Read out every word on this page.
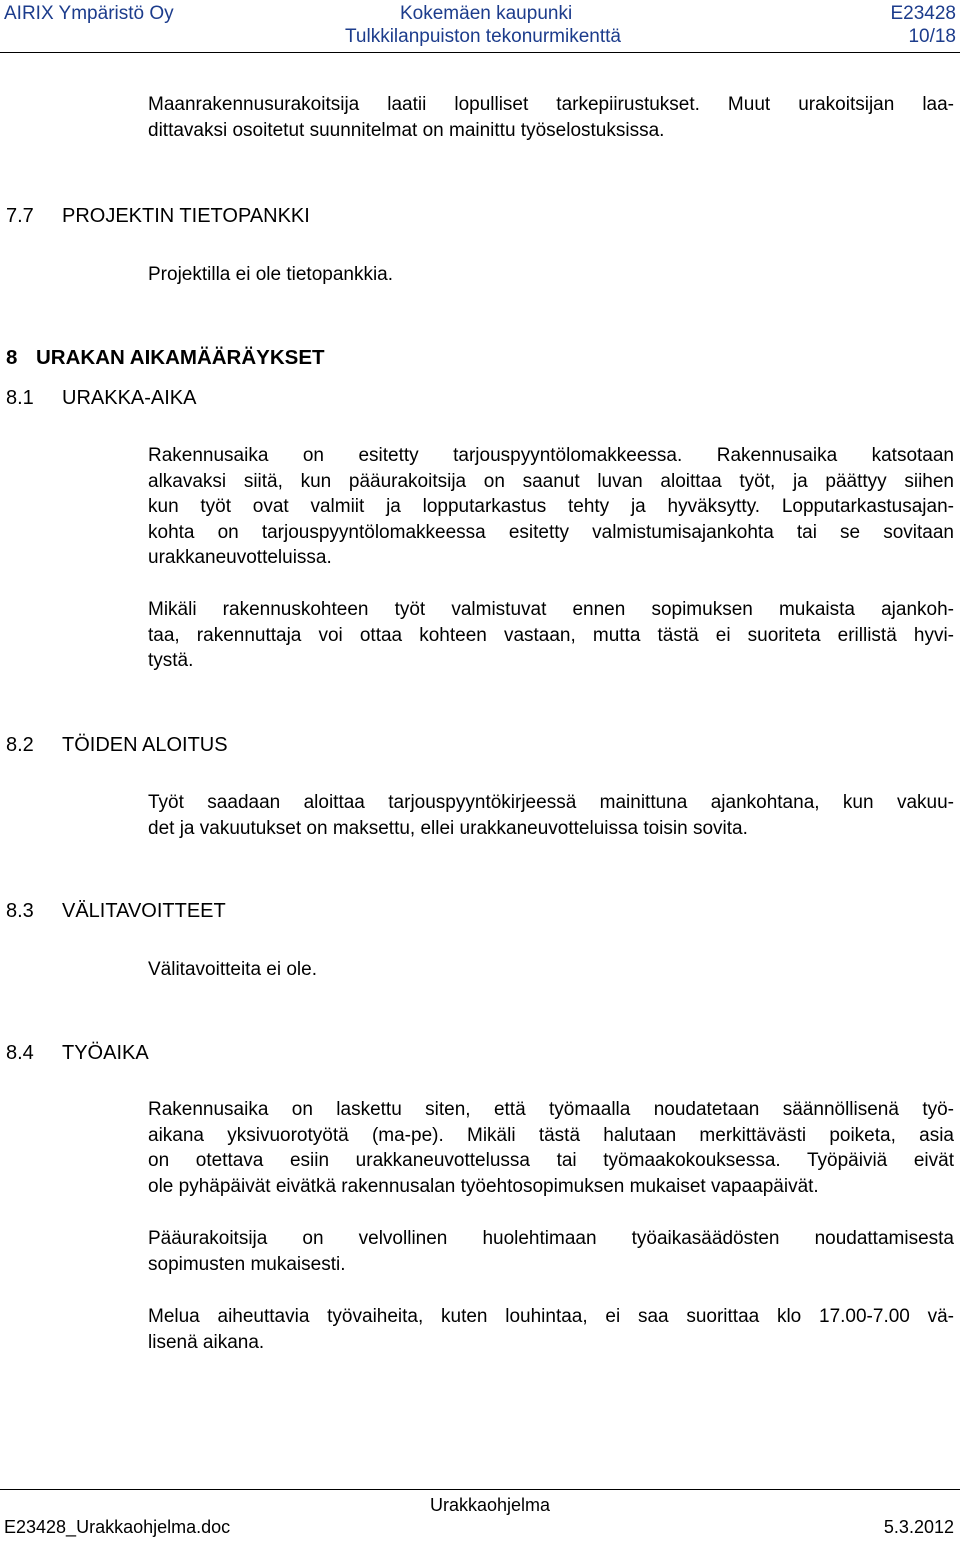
AIRIX Ympäristö Oy	Kokemäen kaupunki
Tulkkilanpuiston tekonurmikenttä
E23428
10/18
Maanrakennusurakoitsija laatii lopulliset tarkepiirustukset. Muut urakoitsijan laa-
dittavaksi osoitetut suunnitelmat on mainittu työselostuksissa.
7.7 PROJEKTIN TIETOPANKKI
Projektilla ei ole tietopankkia.
8 URAKAN AIKAMÄÄRÄYKSET
8.1 URAKKA-AIKA
Rakennusaika on esitetty tarjouspyyntölomakkeessa. Rakennusaika katsotaan
alkavaksi siitä, kun pääurakoitsija on saanut luvan aloittaa työt, ja päättyy siihen
kun työt ovat valmiit ja lopputarkastus tehty ja hyväksytty. Lopputarkastusajan-
kohta on tarjouspyyntölomakkeessa esitetty valmistumisajankohta tai se sovitaan
urakkaneuvotteluissa.
Mikäli rakennuskohteen työt valmistuvat ennen sopimuksen mukaista ajankoh-
taa, rakennuttaja voi ottaa kohteen vastaan, mutta tästä ei suoriteta erillistä hyvi-
tystä.
8.2 TÖIDEN ALOITUS
Työt saadaan aloittaa tarjouspyyntökirjeessä mainittuna ajankohtana, kun vakuu-
det ja vakuutukset on maksettu, ellei urakkaneuvotteluissa toisin sovita.
8.3 VÄLITAVOITTEET
Välitavoitteita ei ole.
8.4 TYÖAIKA
Rakennusaika on laskettu siten, että työmaalla noudatetaan säännöllisenä työ-
aikana yksivuorotyötä (ma-pe). Mikäli tästä halutaan merkittävästi poiketa, asia
on otettava esiin urakkaneuvottelussa tai työmaakokouksessa. Työpäiviä eivät
ole pyhäpäivät eivätkä rakennusalan työehtosopimuksen mukaiset vapaapäivät.
Pääurakoitsija on velvollinen huolehtimaan työaikasäädösten noudattamisesta
sopimusten mukaisesti.
Melua aiheuttavia työvaiheita, kuten louhintaa, ei saa suorittaa klo 17.00-7.00 vä-
lisenä aikana.
Urakkaohjelma
E23428_Urakkaohjelma.doc	5.3.2012
